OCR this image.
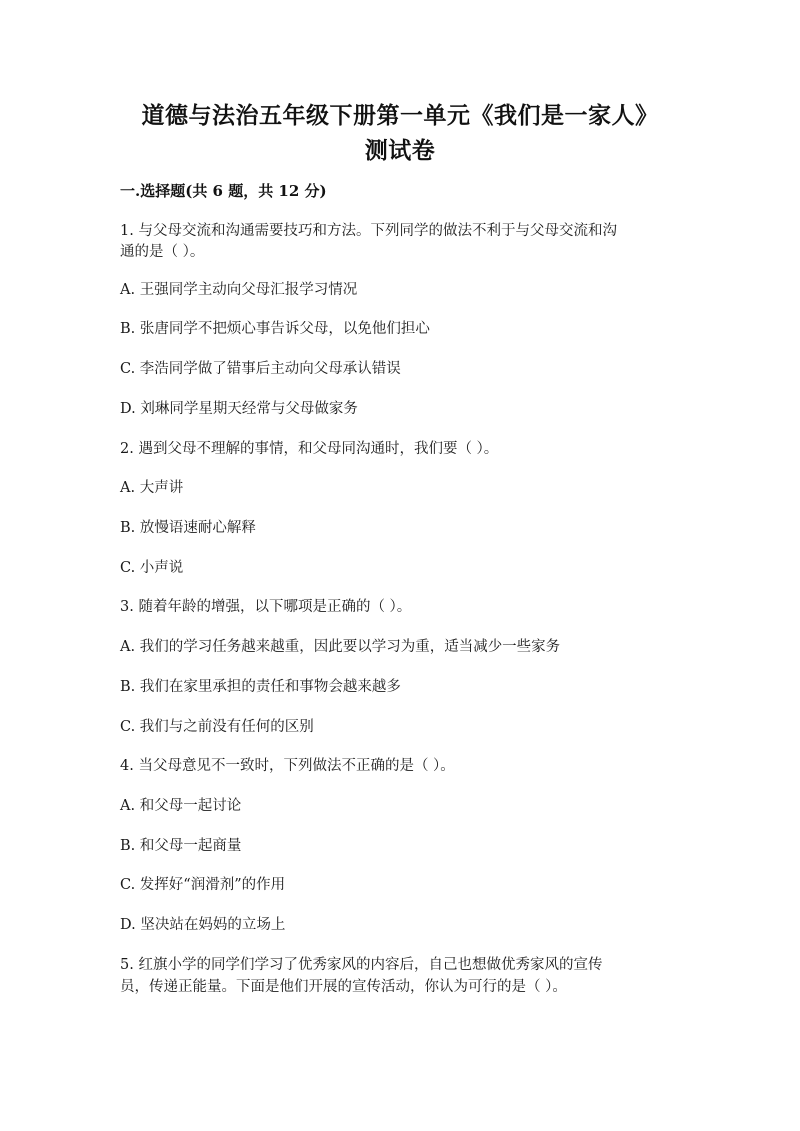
道德与法治五年级下册第一单元《我们是一家人》
测试卷
一.选择题(共 6 题，共 12 分)
1. 与父母交流和沟通需要技巧和方法。下列同学的做法不利于与父母交流和沟
通的是（ ）。
A. 王强同学主动向父母汇报学习情况
B. 张唐同学不把烦心事告诉父母，以免他们担心
C. 李浩同学做了错事后主动向父母承认错误
D. 刘琳同学星期天经常与父母做家务
2. 遇到父母不理解的事情，和父母同沟通时，我们要（ ）。
A. 大声讲
B. 放慢语速耐心解释
C. 小声说
3. 随着年龄的增强，以下哪项是正确的（ ）。
A. 我们的学习任务越来越重，因此要以学习为重，适当减少一些家务
B. 我们在家里承担的责任和事物会越来越多
C. 我们与之前没有任何的区别
4. 当父母意见不一致时，下列做法不正确的是（ ）。
A. 和父母一起讨论
B. 和父母一起商量
C. 发挥好“润滑剂”的作用
D. 坚决站在妈妈的立场上
5. 红旗小学的同学们学习了优秀家风的内容后，自己也想做优秀家风的宣传
员，传递正能量。下面是他们开展的宣传活动，你认为可行的是（ ）。
